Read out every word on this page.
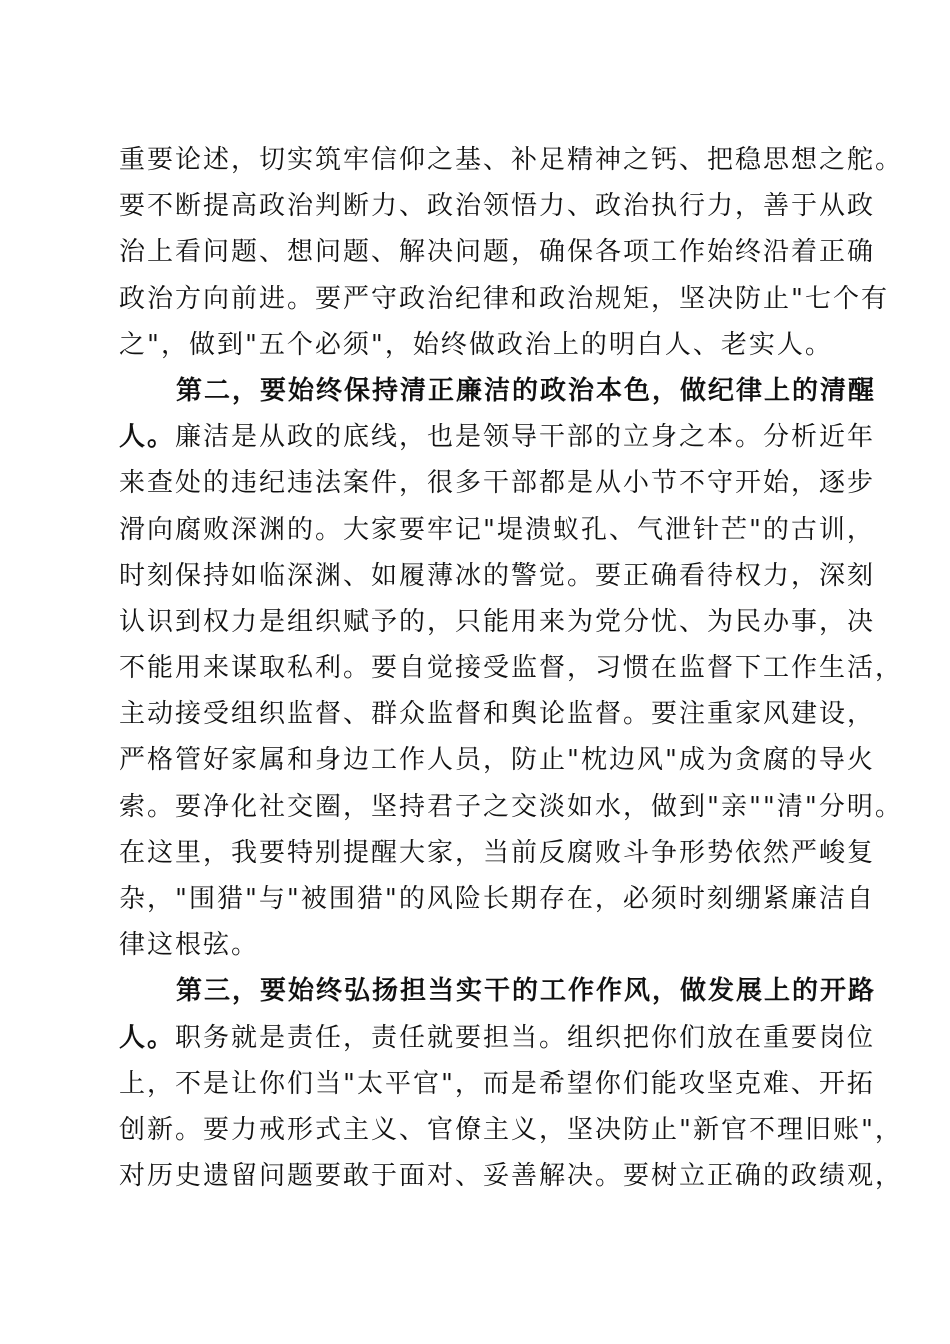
重要论述，切实筑牢信仰之基、补足精神之钙、把稳思想之舵。
要不断提高政治判断力、政治领悟力、政治执行力，善于从政
治上看问题、想问题、解决问题，确保各项工作始终沿着正确
政治方向前进。要严守政治纪律和政治规矩，坚决防止"七个有
之"，做到"五个必须"，始终做政治上的明白人、老实人。
第二，要始终保持清正廉洁的政治本色，做纪律上的清醒
人。廉洁是从政的底线，也是领导干部的立身之本。分析近年
来查处的违纪违法案件，很多干部都是从小节不守开始，逐步
滑向腐败深渊的。大家要牢记"堤溃蚁孔、气泄针芒"的古训，
时刻保持如临深渊、如履薄冰的警觉。要正确看待权力，深刻
认识到权力是组织赋予的，只能用来为党分忧、为民办事，决
不能用来谋取私利。要自觉接受监督，习惯在监督下工作生活，
主动接受组织监督、群众监督和舆论监督。要注重家风建设，
严格管好家属和身边工作人员，防止"枕边风"成为贪腐的导火
索。要净化社交圈，坚持君子之交淡如水，做到"亲""清"分明。
在这里，我要特别提醒大家，当前反腐败斗争形势依然严峻复
杂，"围猎"与"被围猎"的风险长期存在，必须时刻绷紧廉洁自
律这根弦。
第三，要始终弘扬担当实干的工作作风，做发展上的开路
人。职务就是责任，责任就要担当。组织把你们放在重要岗位
上，不是让你们当"太平官"，而是希望你们能攻坚克难、开拓
创新。要力戒形式主义、官僚主义，坚决防止"新官不理旧账"，
对历史遗留问题要敢于面对、妥善解决。要树立正确的政绩观，
